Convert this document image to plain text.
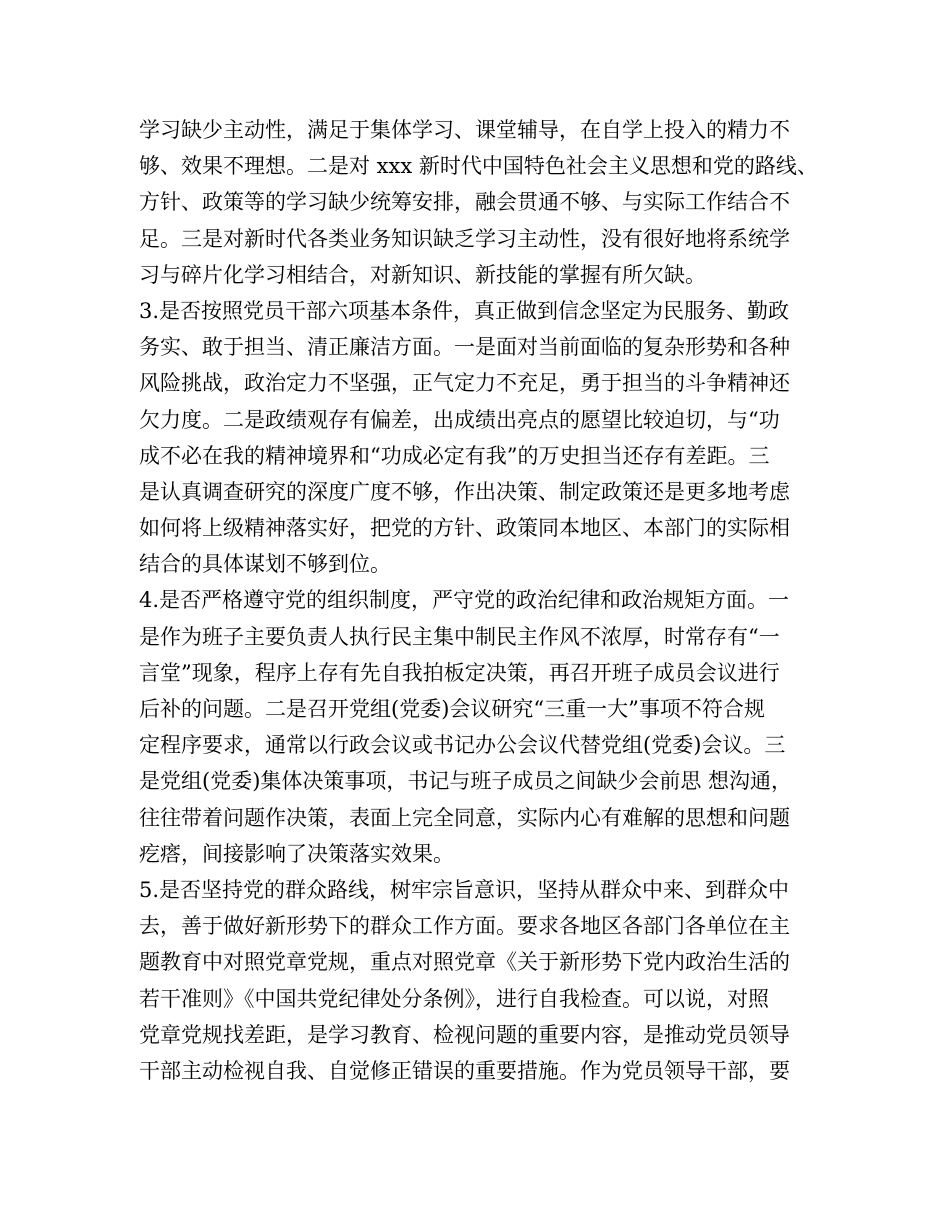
学习缺少主动性，满足于集体学习、课堂辅导，在自学上投入的精力不
够、效果不理想。二是对 xxx 新时代中国特色社会主义思想和党的路线、
方针、政策等的学习缺少统筹安排，融会贯通不够、与实际工作结合不
足。三是对新时代各类业务知识缺乏学习主动性，没有很好地将系统学
习与碎片化学习相结合，对新知识、新技能的掌握有所欠缺。
3.是否按照党员干部六项基本条件，真正做到信念坚定为民服务、勤政
务实、敢于担当、清正廉洁方面。一是面对当前面临的复杂形势和各种
风险挑战，政治定力不坚强，正气定力不充足，勇于担当的斗争精神还
欠力度。二是政绩观存有偏差，出成绩出亮点的愿望比较迫切，与“功
成不必在我的精神境界和“功成必定有我”的万史担当还存有差距。三
是认真调查研究的深度广度不够，作出决策、制定政策还是更多地考虑
如何将上级精神落实好，把党的方针、政策同本地区、本部门的实际相
结合的具体谋划不够到位。
4.是否严格遵守党的组织制度，严守党的政治纪律和政治规矩方面。一
是作为班子主要负责人执行民主集中制民主作风不浓厚，时常存有“一
言堂”现象，程序上存有先自我拍板定决策，再召开班子成员会议进行
后补的问题。二是召开党组(党委)会议研究“三重一大”事项不符合规
定程序要求，通常以行政会议或书记办公会议代替党组(党委)会议。三
是党组(党委)集体决策事项，书记与班子成员之间缺少会前思 想沟通，
往往带着问题作决策，表面上完全同意，实际内心有难解的思想和问题
疙瘩，间接影响了决策落实效果。
5.是否坚持党的群众路线，树牢宗旨意识，坚持从群众中来、到群众中
去，善于做好新形势下的群众工作方面。要求各地区各部门各单位在主
题教育中对照党章党规，重点对照党章《关于新形势下党内政治生活的
若干准则》《中国共党纪律处分条例》，进行自我检查。可以说，对照
党章党规找差距，是学习教育、检视问题的重要内容，是推动党员领导
干部主动检视自我、自觉修正错误的重要措施。作为党员领导干部，要
